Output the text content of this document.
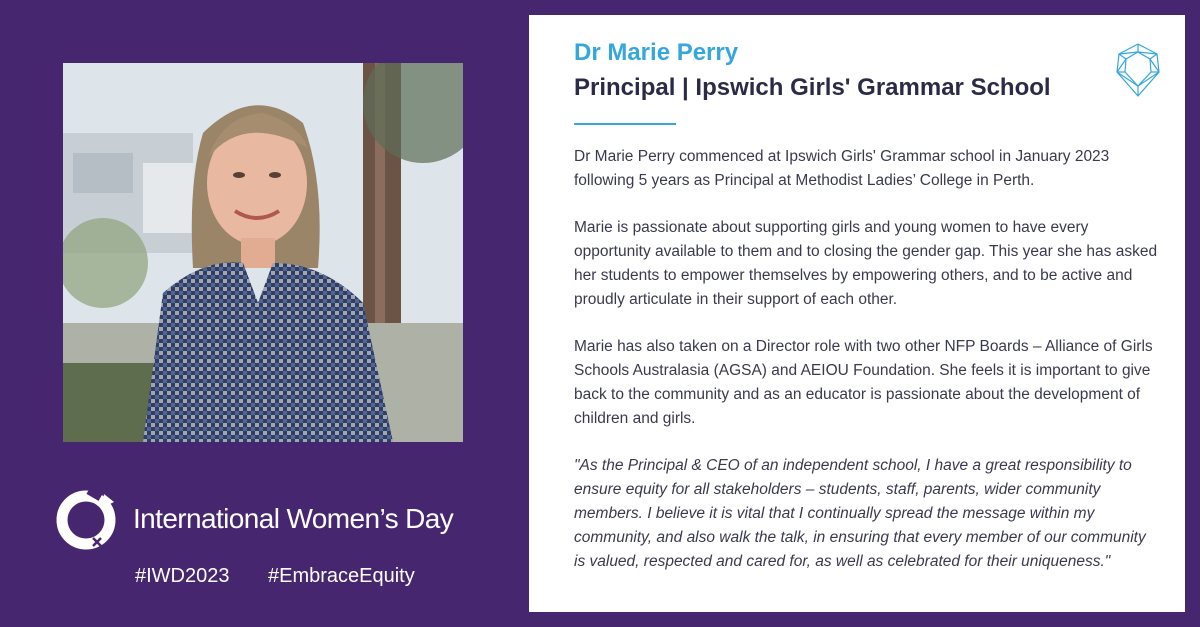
International Women’s Day
#IWD2023 #EmbraceEquity
Dr Marie Perry
Principal | Ipswich Girls' Grammar School

Dr Marie Perry commenced at Ipswich Girls' Grammar school in January 2023 following 5 years as Principal at Methodist Ladies’ College in Perth.

Marie is passionate about supporting girls and young women to have every opportunity available to them and to closing the gender gap. This year she has asked her students to empower themselves by empowering others, and to be active and proudly articulate in their support of each other.

Marie has also taken on a Director role with two other NFP Boards – Alliance of Girls Schools Australasia (AGSA) and AEIOU Foundation. She feels it is important to give back to the community and as an educator is passionate about the development of children and girls.

"As the Principal & CEO of an independent school, I have a great responsibility to ensure equity for all stakeholders – students, staff, parents, wider community members. I believe it is vital that I continually spread the message within my community, and also walk the talk, in ensuring that every member of our community is valued, respected and cared for, as well as celebrated for their uniqueness."
